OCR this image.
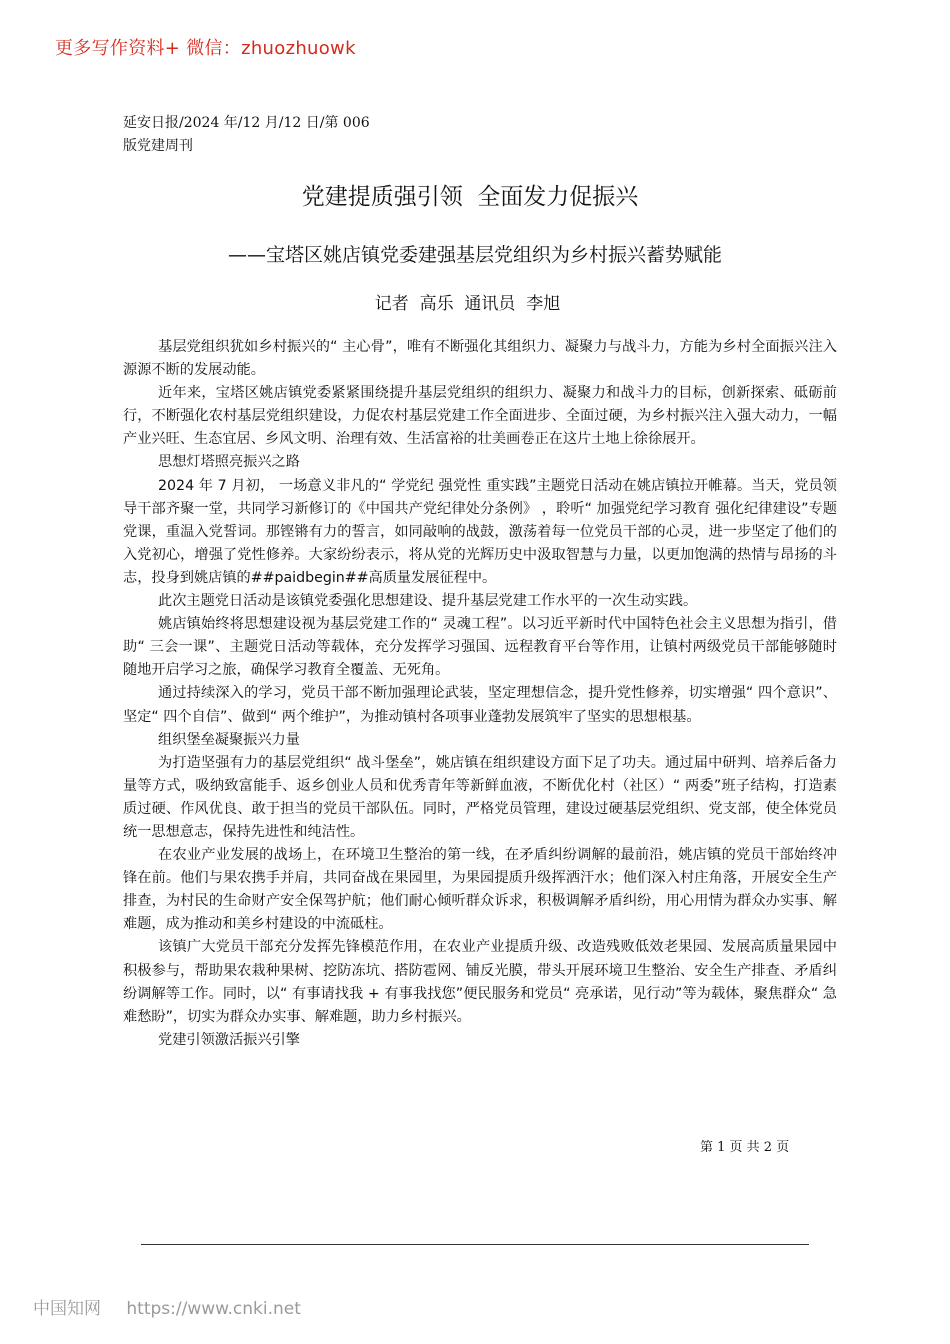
更多写作资料+ 微信：zhuozhuowk
延安日报/2024 年/12 月/12 日/第 006
版党建周刊
党建提质强引领  全面发力促振兴
——宝塔区姚店镇党委建强基层党组织为乡村振兴蓄势赋能
记者  高乐  通讯员  李旭

基层党组织犹如乡村振兴的“ 主心骨”，唯有不断强化其组织力、凝聚力与战斗力，方能为乡村全面振兴注入源源不断的发展动能。

近年来，宝塔区姚店镇党委紧紧围绕提升基层党组织的组织力、凝聚力和战斗力的目标，创新探索、砥砺前行，不断强化农村基层党组织建设，力促农村基层党建工作全面进步、全面过硬，为乡村振兴注入强大动力，一幅产业兴旺、生态宜居、乡风文明、治理有效、生活富裕的壮美画卷正在这片土地上徐徐展开。

思想灯塔照亮振兴之路

2024 年 7 月初， 一场意义非凡的“ 学党纪 强党性 重实践”主题党日活动在姚店镇拉开帷幕。当天，党员领导干部齐聚一堂，共同学习新修订的《中国共产党纪律处分条例》 ，聆听“ 加强党纪学习教育 强化纪律建设”专题党课，重温入党誓词。那铿锵有力的誓言，如同敲响的战鼓，激荡着每一位党员干部的心灵，进一步坚定了他们的入党初心，增强了党性修养。大家纷纷表示，将从党的光辉历史中汲取智慧与力量，以更加饱满的热情与昂扬的斗志，投身到姚店镇的##paidbegin##高质量发展征程中。

此次主题党日活动是该镇党委强化思想建设、提升基层党建工作水平的一次生动实践。

姚店镇始终将思想建设视为基层党建工作的“ 灵魂工程”。以习近平新时代中国特色社会主义思想为指引，借助“ 三会一课”、主题党日活动等载体，充分发挥学习强国、远程教育平台等作用，让镇村两级党员干部能够随时随地开启学习之旅，确保学习教育全覆盖、无死角。

通过持续深入的学习，党员干部不断加强理论武装，坚定理想信念，提升党性修养，切实增强“ 四个意识”、坚定“ 四个自信”、做到“ 两个维护”，为推动镇村各项事业蓬勃发展筑牢了坚实的思想根基。

组织堡垒凝聚振兴力量

为打造坚强有力的基层党组织“ 战斗堡垒”，姚店镇在组织建设方面下足了功夫。通过届中研判、培养后备力量等方式，吸纳致富能手、返乡创业人员和优秀青年等新鲜血液，不断优化村（社区）“ 两委”班子结构，打造素质过硬、作风优良、敢于担当的党员干部队伍。同时，严格党员管理，建设过硬基层党组织、党支部，使全体党员统一思想意志，保持先进性和纯洁性。

在农业产业发展的战场上，在环境卫生整治的第一线，在矛盾纠纷调解的最前沿，姚店镇的党员干部始终冲锋在前。他们与果农携手并肩，共同奋战在果园里，为果园提质升级挥洒汗水；他们深入村庄角落，开展安全生产排查，为村民的生命财产安全保驾护航；他们耐心倾听群众诉求，积极调解矛盾纠纷，用心用情为群众办实事、解难题，成为推动和美乡村建设的中流砥柱。

该镇广大党员干部充分发挥先锋模范作用，在农业产业提质升级、改造残败低效老果园、发展高质量果园中积极参与，帮助果农栽种果树、挖防冻坑、搭防雹网、铺反光膜，带头开展环境卫生整治、安全生产排查、矛盾纠纷调解等工作。同时，以“ 有事请找我 + 有事我找您”便民服务和党员“ 亮承诺，见行动”等为载体，聚焦群众“ 急难愁盼”，切实为群众办实事、解难题，助力乡村振兴。

党建引领激活振兴引擎

第 1 页 共 2 页
中国知网 https://www.cnki.net
